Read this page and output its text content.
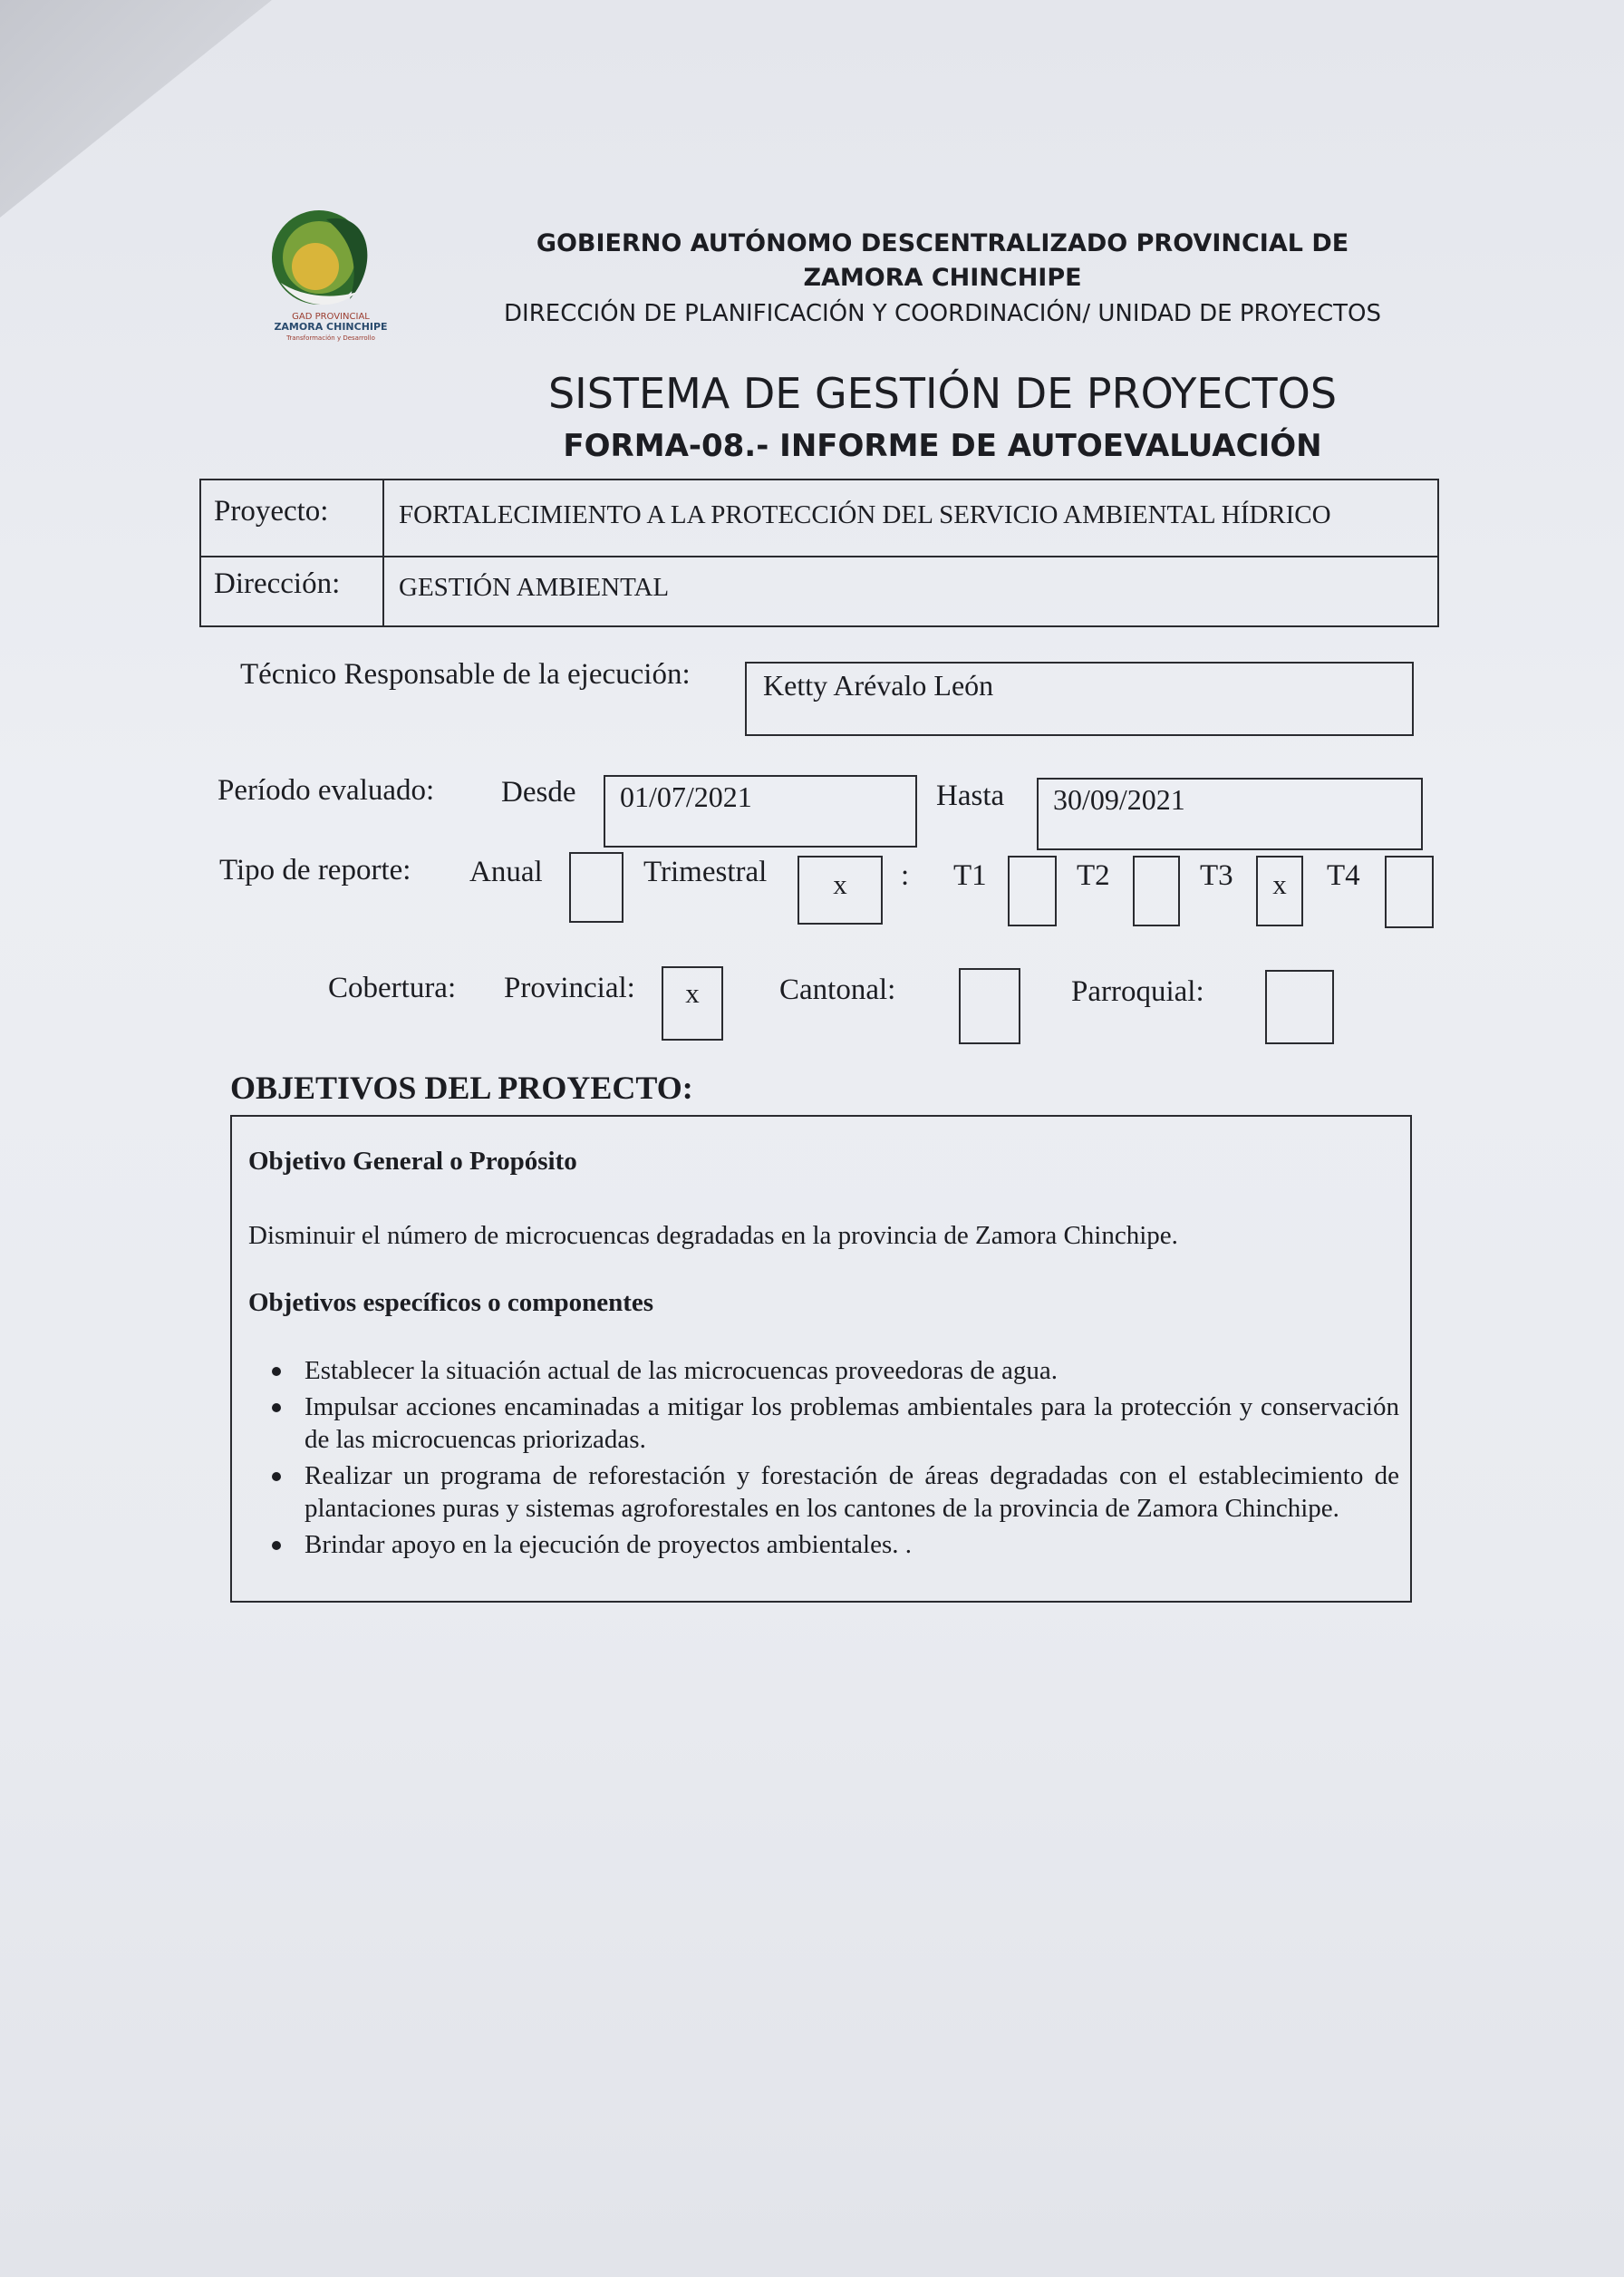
GAD PROVINCIAL
ZAMORA CHINCHIPE
Transformación y Desarrollo
GOBIERNO AUTÓNOMO DESCENTRALIZADO PROVINCIAL DE ZAMORA CHINCHIPE
DIRECCIÓN DE PLANIFICACIÓN Y COORDINACIÓN/ UNIDAD DE PROYECTOS
SISTEMA DE GESTIÓN DE PROYECTOS
FORMA-08.- INFORME DE AUTOEVALUACIÓN
Proyecto:	FORTALECIMIENTO A LA PROTECCIÓN DEL SERVICIO AMBIENTAL HÍDRICO
Dirección: GESTIÓN AMBIENTAL
Técnico Responsable de la ejecución:	Ketty Arévalo León
Período evaluado: Desde 01/07/2021	Hasta 30/09/2021
Tipo de reporte: Anual	Trimestral	x	: T1	T2	T3	x	T4
Cobertura: Provincial:	x	Cantonal:	Parroquial:
OBJETIVOS DEL PROYECTO:
Objetivo General o Propósito
Disminuir el número de microcuencas degradadas en la provincia de Zamora Chinchipe.
Objetivos específicos o componentes
Establecer la situación actual de las microcuencas proveedoras de agua.
Impulsar acciones encaminadas a mitigar los problemas ambientales para la protección y conservación de las microcuencas priorizadas.
Realizar un programa de reforestación y forestación de áreas degradadas con el establecimiento de plantaciones puras y sistemas agroforestales en los cantones de la provincia de Zamora Chinchipe.
Brindar apoyo en la ejecución de proyectos ambientales. .
